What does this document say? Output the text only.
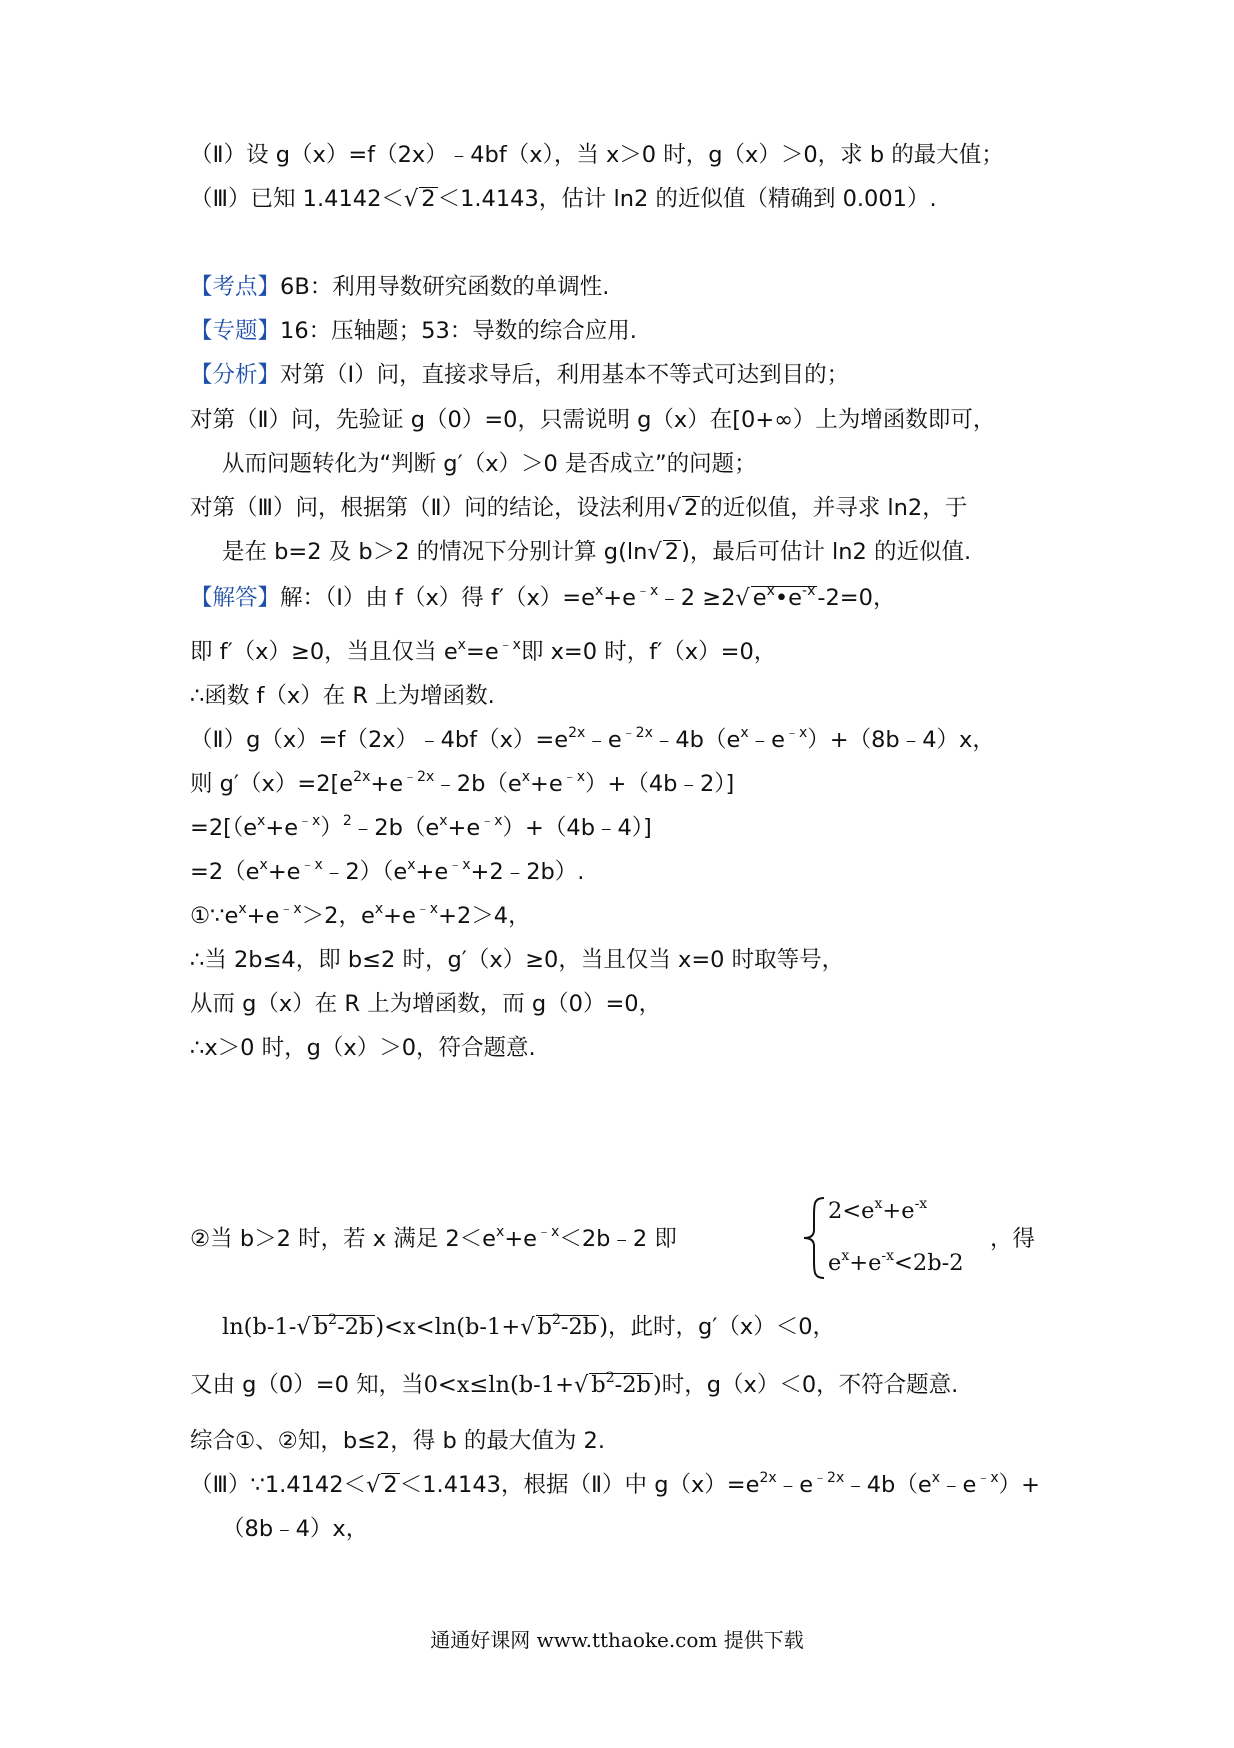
（Ⅱ）设 g（x）=f（2x）﹣4bf（x），当 x＞0 时，g（x）＞0，求 b 的最大值；
（Ⅲ）已知 1.4142＜√ 2＜1.4143，估计 ln2 的近似值（精确到 0.001）.
【考点】6B：利用导数研究函数的单调性.
【专题】16：压轴题；53：导数的综合应用.
【分析】对第（Ⅰ）问，直接求导后，利用基本不等式可达到目的；
对第（Ⅱ）问，先验证 g（0）=0，只需说明 g（x）在[0+∞）上为增函数即可，
从而问题转化为“判断 g′（x）＞0 是否成立”的问题；
对第（Ⅲ）问，根据第（Ⅱ）问的结论，设法利用√ 2的近似值，并寻求 ln2，于
是在 b=2 及 b＞2 的情况下分别计算 g(ln√ 2)，最后可估计 ln2 的近似值.
【解答】解：（Ⅰ）由 f（x）得 $f'(x)=e^x+e^{﹣x}﹣2 \ge 2√$ $e^x•e^{-x}-2=0$，
即 f′（x）≥0，当且仅当 $e^x=e^{﹣x}$即 x=0 时，f′（x）=0，
∴函数 f（x）在 R 上为增函数.
$(Ⅱ)g(x)=f(2x)﹣4bf(x)=e^{2x}﹣e^{﹣2x}﹣4b(e^x﹣e^{﹣x})+(8b﹣4)x$，
则 $g'(x)=2[e^{2x}+e^{﹣2x}﹣2b(e^x+e^{﹣x})+(4b﹣2)]$
$=2[(e^x+e^{﹣x})^2﹣2b(e^x+e^{﹣x})+(4b﹣4)]$
$=2(e^x+e^{﹣x}﹣2)(e^x+e^{﹣x}+2﹣2b)$.
$①\because e^x+e^{﹣x}>2$，$e^x+e^{﹣x}+2>4$，
∴当 2b≤4，即 b≤2 时，g′（x）≥0，当且仅当 x=0 时取等号，
从而 g（x）在 R 上为增函数，而 g（0）=0，
∴x＞0 时，g（x）＞0，符合题意.
②当 b＞2 时，若 x 满足 $2<e^x+e^{﹣x}<2b﹣2$ 即	，得
$2<e^x+e^{-x}$
$e^x+e^{-x}<2b-2$
ln(b-1-√ $b^2-2b)<x<\ln(b-1+√$ $b^2-2b$)，此时，g′（x）＜0，
又由 g（0）=0 知，当0<x≤ln(b-1+√ $b^2-2b$)时，g（x）＜0，不符合题意.
综合①、②知，b≤2，得 b 的最大值为 2.
（Ⅲ）∵1.4142＜√ 2＜1.4143，根据（Ⅱ）中 $g(x)=e^{2x}﹣e^{﹣2x}﹣4b(e^x﹣e^{﹣x})+$
（8b﹣4）x，
通通好课网 www.tthaoke.com 提供下载
